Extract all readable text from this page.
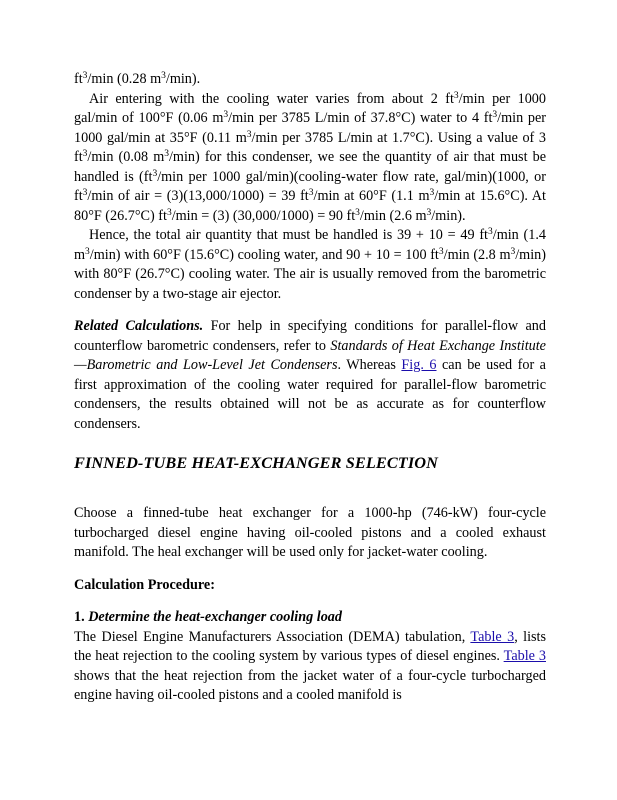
$ft^3/\min$ (0.28 $m^3/\min$).

Air entering with the cooling water varies from about 2 $ft^3/\min$ per 1000 gal/min of 100°F (0.06 $m^3/\min$ per 3785 L/min of 37.8°C) water to 4 $ft^3/\min$ per 1000 gal/min at 35°F (0.11 $m^3/\min$ per 3785 L/min at 1.7°C). Using a value of 3 $ft^3/\min$ (0.08 $m^3/\min$) for this condenser, we see the quantity of air that must be handled is ($ft^3/\min$ per 1000 gal/min)(cooling-water flow rate, gal/min)(1000, or $ft^3/\min$ of air = (3)(13,000/1000) = 39 $ft^3/\min$ at 60°F (1.1 $m^3/\min$ at 15.6°C). At 80°F (26.7°C) $ft^3/\min = (3) (30,000/1000) = 90$ $ft^3/\min$ (2.6 $m^3/\min$).

Hence, the total air quantity that must be handled is 39 + 10 = 49 $ft^3/\min$ (1.4 $m^3/\min$) with 60°F (15.6°C) cooling water, and 90 + 10 = 100 $ft^3/\min$ (2.8 $m^3/\min$) with 80°F (26.7°C) cooling water. The air is usually removed from the barometric condenser by a two-stage air ejector.

Related Calculations. For help in specifying conditions for parallel-flow and counterflow barometric condensers, refer to Standards of Heat Exchange Institute—Barometric and Low-Level Jet Condensers. Whereas Fig. 6 can be used for a first approximation of the cooling water required for parallel-flow barometric condensers, the results obtained will not be as accurate as for counterflow condensers.

FINNED-TUBE HEAT-EXCHANGER SELECTION

Choose a finned-tube heat exchanger for a 1000-hp (746-kW) four-cycle turbocharged diesel engine having oil-cooled pistons and a cooled exhaust manifold. The heal exchanger will be used only for jacket-water cooling.

Calculation Procedure:

1. Determine the heat-exchanger cooling load

The Diesel Engine Manufacturers Association (DEMA) tabulation, Table 3, lists the heat rejection to the cooling system by various types of diesel engines. Table 3 shows that the heat rejection from the jacket water of a four-cycle turbocharged engine having oil-cooled pistons and a cooled manifold is
